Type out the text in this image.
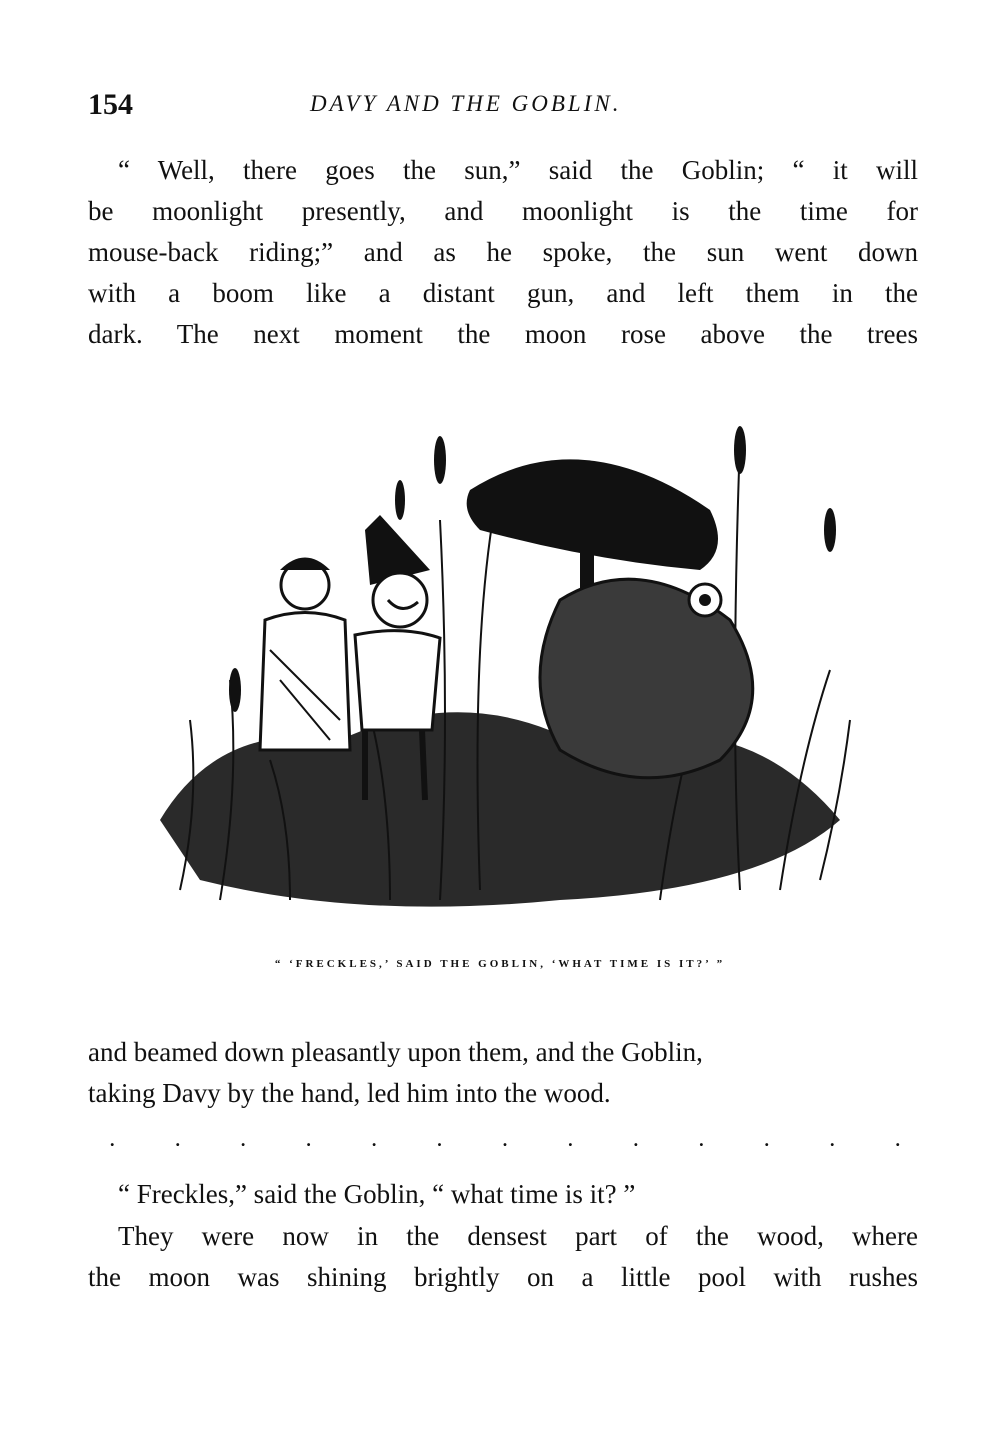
154	DAVY AND THE GOBLIN.

“ Well, there goes the sun,” said the Goblin; “ it will
be moonlight presently, and moonlight is the time for
mouse-back riding;” and as he spoke, the sun went down
with a boom like a distant gun, and left them in the
dark. The next moment the moon rose above the trees

“ ‘FRECKLES,’ SAID THE GOBLIN, ‘WHAT TIME IS IT?’ ”

and beamed down pleasantly upon them, and the Goblin,
taking Davy by the hand, led him into the wood.

.	.	.	.	.	.	.	.	.	.	.	.	.

“ Freckles,” said the Goblin, “ what time is it? ”

They were now in the densest part of the wood, where
the moon was shining brightly on a little pool with rushes
